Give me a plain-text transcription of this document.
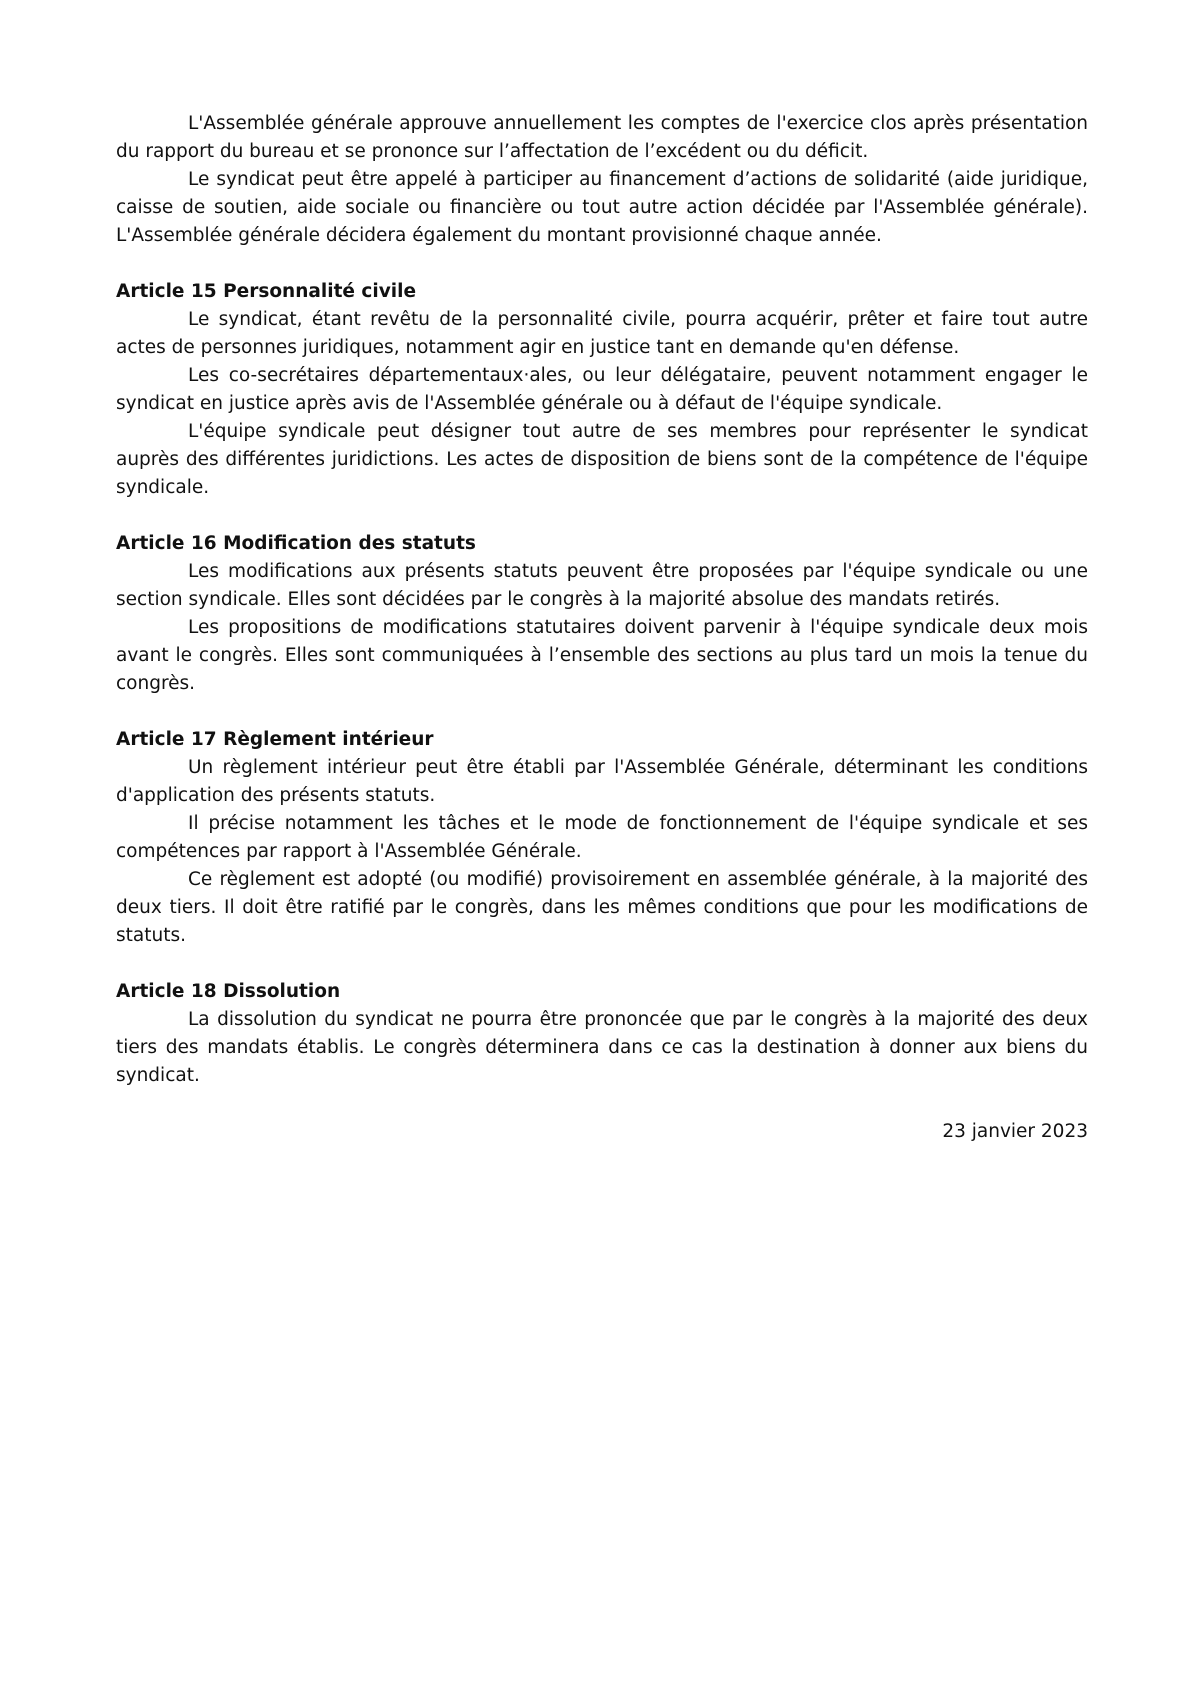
L'Assemblée générale approuve annuellement les comptes de l'exercice clos après présentation du rapport du bureau et se prononce sur l’affectation de l’excédent ou du déficit.

Le syndicat peut être appelé à participer au financement d’actions de solidarité (aide juridique, caisse de soutien, aide sociale ou financière ou tout autre action décidée par l'Assemblée générale). L'Assemblée générale décidera également du montant provisionné chaque année.

Article 15 Personnalité civile

Le syndicat, étant revêtu de la personnalité civile, pourra acquérir, prêter et faire tout autre actes de personnes juridiques, notamment agir en justice tant en demande qu'en défense.

Les co-secrétaires départementaux·ales, ou leur délégataire, peuvent notamment engager le syndicat en justice après avis de l'Assemblée générale ou à défaut de l'équipe syndicale.

L'équipe syndicale peut désigner tout autre de ses membres pour représenter le syndicat auprès des différentes juridictions. Les actes de disposition de biens sont de la compétence de l'équipe syndicale.

Article 16 Modification des statuts

Les modifications aux présents statuts peuvent être proposées par l'équipe syndicale ou une section syndicale. Elles sont décidées par le congrès à la majorité absolue des mandats retirés.

Les propositions de modifications statutaires doivent parvenir à l'équipe syndicale deux mois avant le congrès. Elles sont communiquées à l’ensemble des sections au plus tard un mois la tenue du congrès.

Article 17 Règlement intérieur

Un règlement intérieur peut être établi par l'Assemblée Générale, déterminant les conditions d'application des présents statuts.

Il précise notamment les tâches et le mode de fonctionnement de l'équipe syndicale et ses compétences par rapport à l'Assemblée Générale.

Ce règlement est adopté (ou modifié) provisoirement en assemblée générale, à la majorité des deux tiers. Il doit être ratifié par le congrès, dans les mêmes conditions que pour les modifications de statuts.

Article 18 Dissolution

La dissolution du syndicat ne pourra être prononcée que par le congrès à la majorité des deux tiers des mandats établis. Le congrès déterminera dans ce cas la destination à donner aux biens du syndicat.

23 janvier 2023
